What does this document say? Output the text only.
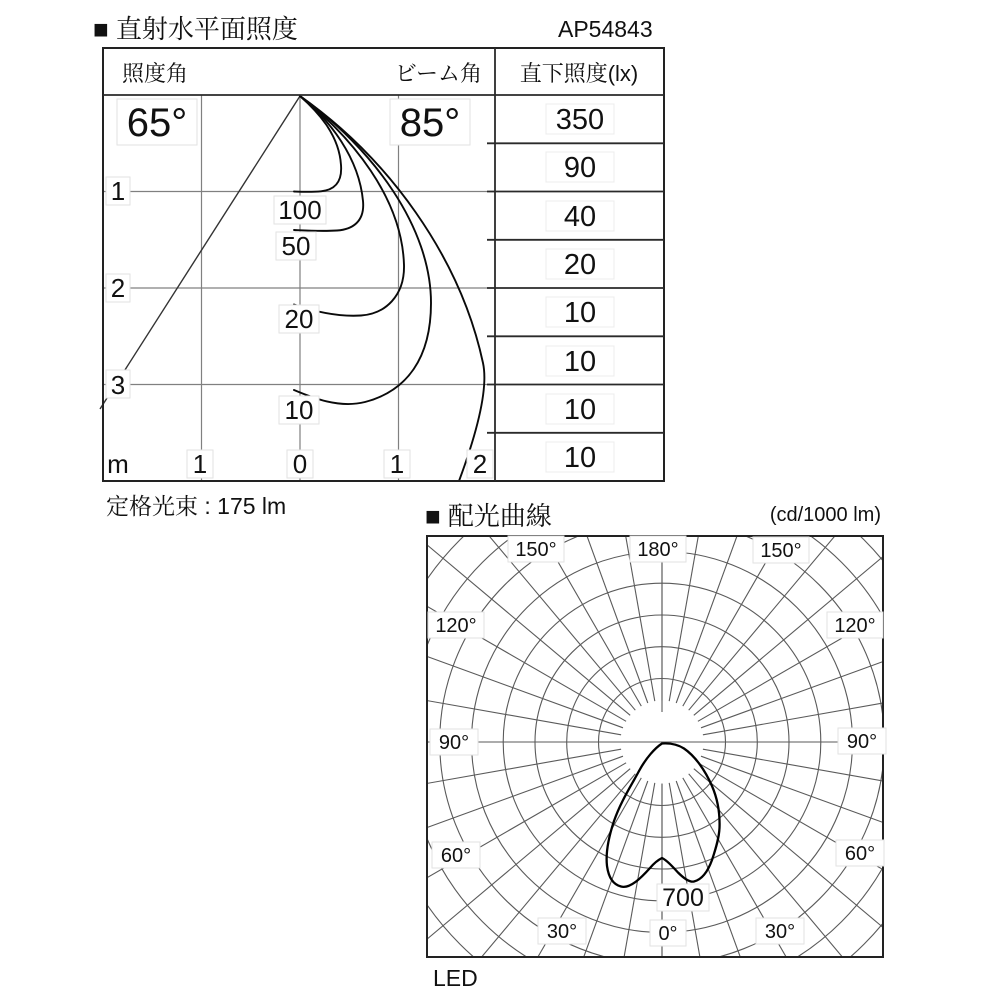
■ 直射水平面照度	AP54843
1
2
3
m 1	0	1	2
100
50
20
10
65°	85°
照度角	ビーム角 直下照度(lx)
350
90
40
20
10
10
10
10
定格光束 : 175 lm	■ 配光曲線	(cd/1000 lm)
180°
150°	150°
120°	120°
90°	90°
60°	60°
30°	30°
0°
700
LED
